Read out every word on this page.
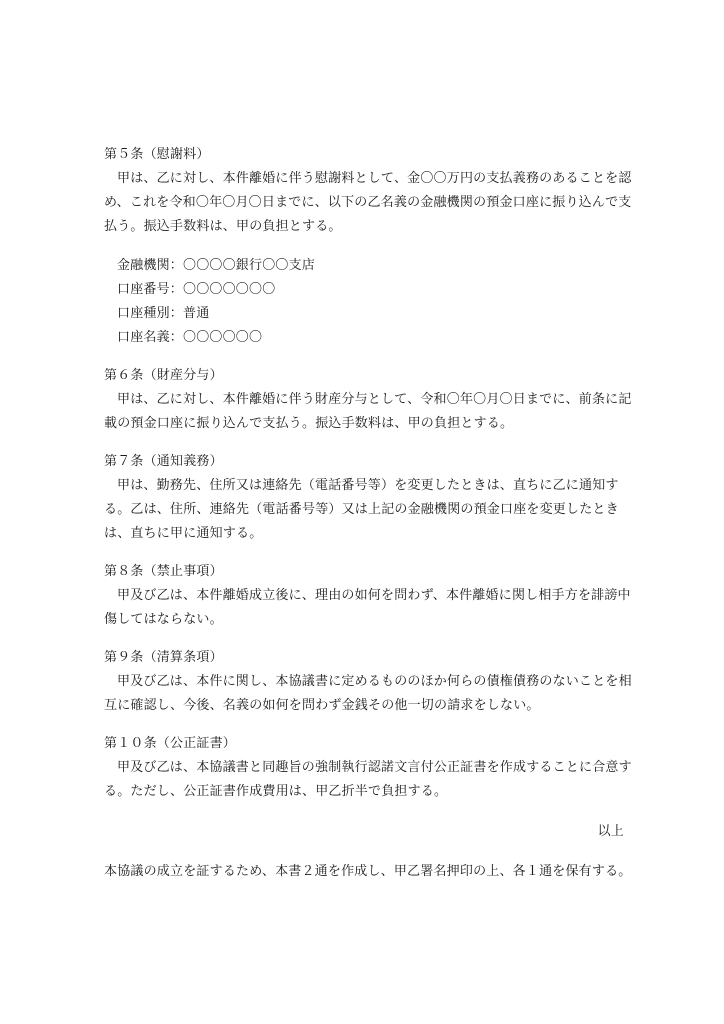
第５条（慰謝料）
甲は、乙に対し、本件離婚に伴う慰謝料として、金〇〇万円の支払義務のあることを認
め、これを令和〇年〇月〇日までに、以下の乙名義の金融機関の預金口座に振り込んで支
払う。振込手数料は、甲の負担とする。
金融機関：〇〇〇〇銀行〇〇支店
口座番号：〇〇〇〇〇〇〇
口座種別：普通
口座名義：〇〇〇〇〇〇
第６条（財産分与）
甲は、乙に対し、本件離婚に伴う財産分与として、令和〇年〇月〇日までに、前条に記
載の預金口座に振り込んで支払う。振込手数料は、甲の負担とする。
第７条（通知義務）
甲は、勤務先、住所又は連絡先（電話番号等）を変更したときは、直ちに乙に通知す
る。乙は、住所、連絡先（電話番号等）又は上記の金融機関の預金口座を変更したとき
は、直ちに甲に通知する。
第８条（禁止事項）
甲及び乙は、本件離婚成立後に、理由の如何を問わず、本件離婚に関し相手方を誹謗中
傷してはならない。
第９条（清算条項）
甲及び乙は、本件に関し、本協議書に定めるもののほか何らの債権債務のないことを相
互に確認し、今後、名義の如何を問わず金銭その他一切の請求をしない。
第１０条（公正証書）
甲及び乙は、本協議書と同趣旨の強制執行認諾文言付公正証書を作成することに合意す
る。ただし、公正証書作成費用は、甲乙折半で負担する。
以上
本協議の成立を証するため、本書２通を作成し、甲乙署名押印の上、各１通を保有する。
